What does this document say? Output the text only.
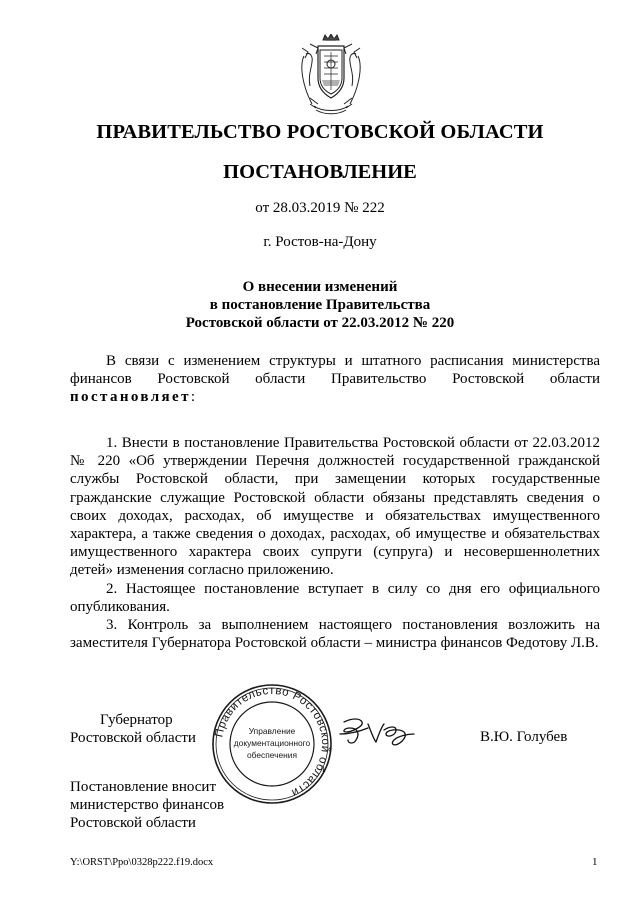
ПРАВИТЕЛЬСТВО РОСТОВСКОЙ ОБЛАСТИ
ПОСТАНОВЛЕНИЕ
от 28.03.2019 № 222
г. Ростов-на-Дону
О внесении изменений
в постановление Правительства
Ростовской области от 22.03.2012 № 220

В связи с изменением структуры и штатного расписания министерства финансов Ростовской области Правительство Ростовской области постановляет:

1. Внести в постановление Правительства Ростовской области от 22.03.2012 № 220 «Об утверждении Перечня должностей государственной гражданской службы Ростовской области, при замещении которых государственные гражданские служащие Ростовской области обязаны представлять сведения о своих доходах, расходах, об имуществе и обязательствах имущественного характера, а также сведения о доходах, расходах, об имуществе и обязательствах имущественного характера своих супруги (супруга) и несовершеннолетних детей» изменения согласно приложению.

2. Настоящее постановление вступает в силу со дня его официального опубликования.

3. Контроль за выполнением настоящего постановления возложить на заместителя Губернатора Ростовской области – министра финансов Федотову Л.В.

Губернатор
Ростовской области Правительство Ростовской области
Управление
документационного
обеспечения
В.Ю. Голубев
Постановление вносит
министерство финансов
Ростовской области
Y:\ORST\Ppo\0328p222.f19.docx	1
